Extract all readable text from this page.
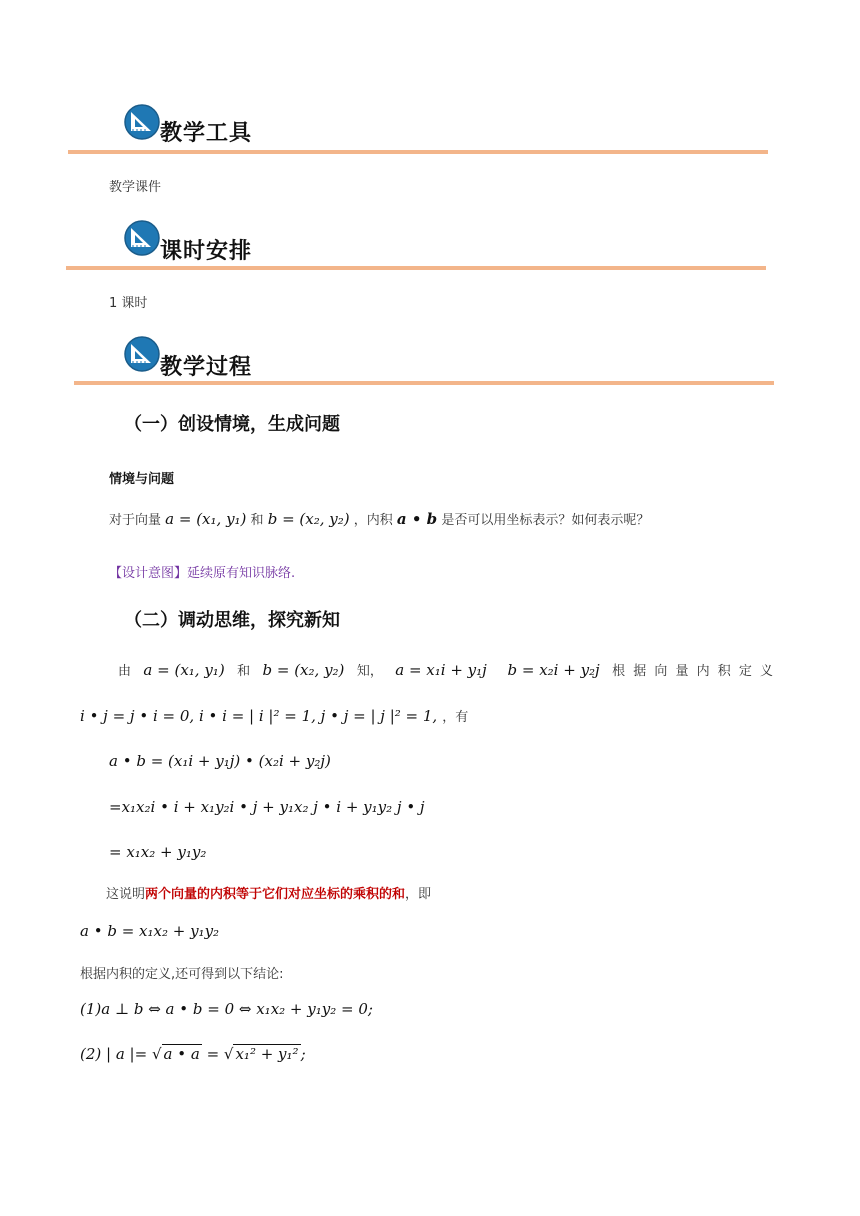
教学工具
教学课件
课时安排
1 课时
教学过程
（一）创设情境，生成问题
情境与问题
对于向量 a = (x₁, y₁) 和 b = (x₂, y₂) ，内积 a • b 是否可以用坐标表示？如何表示呢？
【设计意图】延续原有知识脉络.
（二）调动思维，探究新知
由 a = (x₁, y₁) 和 b = (x₂, y₂) 知， a = x₁i + y₁j b = x₂i + y₂j 根 据 向 量 内 积 定 义
i • j = j • i = 0, i • i = | i |² = 1, j • j = | j |² = 1, ，有
a • b = (x₁i + y₁j) • (x₂i + y₂j)
=x₁x₂i • i + x₁y₂i • j + y₁x₂ j • i + y₁y₂ j • j
= x₁x₂ + y₁y₂
这说明两个向量的内积等于它们对应坐标的乘积的和，即
a • b = x₁x₂ + y₁y₂
根据内积的定义,还可得到以下结论:
(1)a ⊥ b ⇔ a • b = 0 ⇔ x₁x₂ + y₁y₂ = 0;
(2) | a |= √ a • a = √ x₁² + y₁² ;
